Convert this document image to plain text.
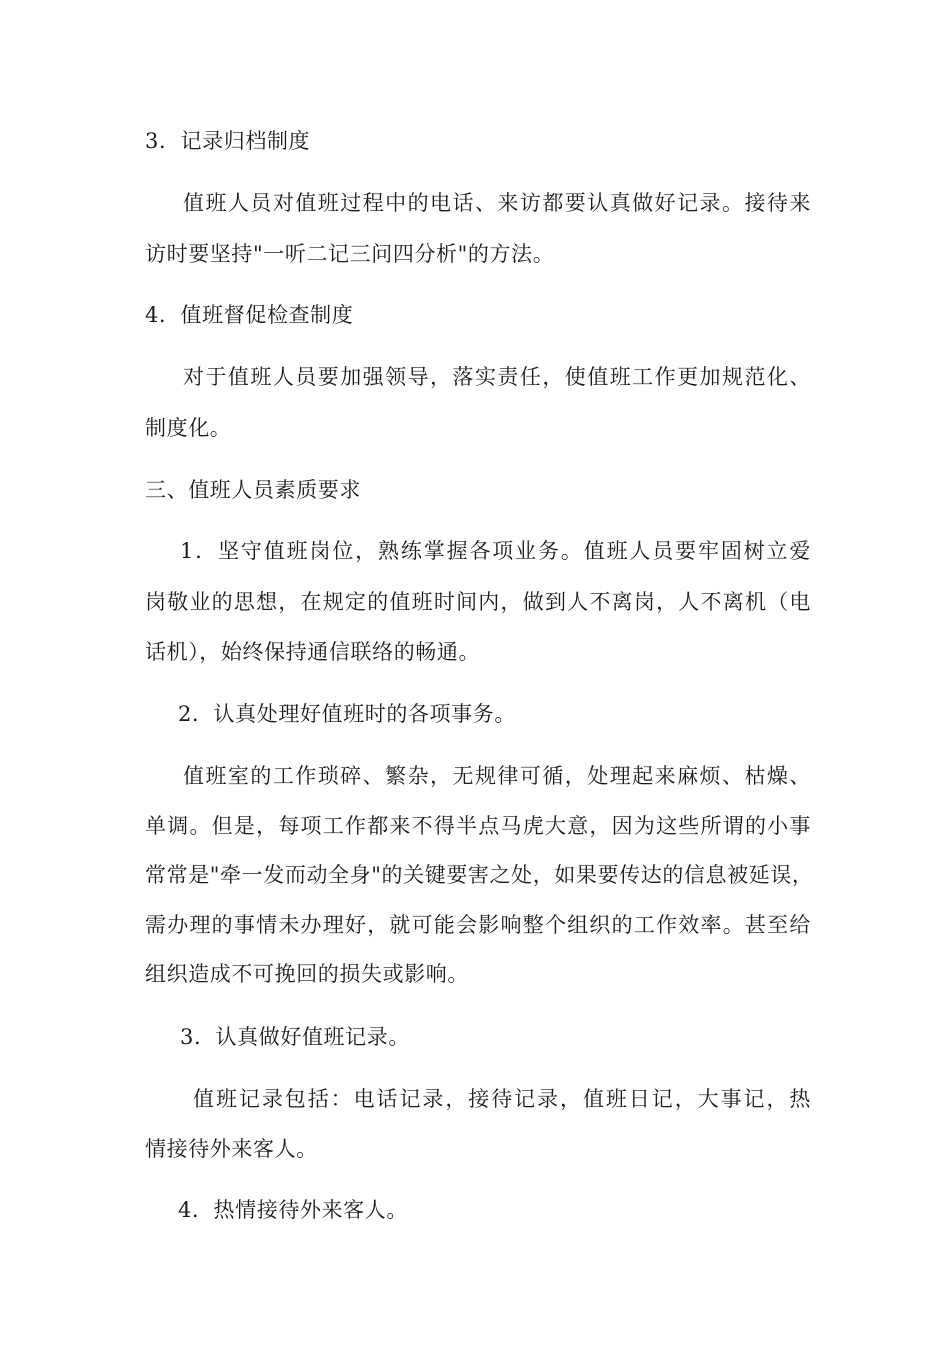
3．记录归档制度
值班人员对值班过程中的电话、来访都要认真做好记录。接待来
访时要坚持"一听二记三问四分析"的方法。
4．值班督促检查制度
对于值班人员要加强领导，落实责任，使值班工作更加规范化、
制度化。
三、值班人员素质要求
1．坚守值班岗位，熟练掌握各项业务。值班人员要牢固树立爱
岗敬业的思想，在规定的值班时间内，做到人不离岗，人不离机（电
话机），始终保持通信联络的畅通。
2．认真处理好值班时的各项事务。
值班室的工作琐碎、繁杂，无规律可循，处理起来麻烦、枯燥、
单调。但是，每项工作都来不得半点马虎大意，因为这些所谓的小事
常常是"牵一发而动全身"的关键要害之处，如果要传达的信息被延误，
需办理的事情未办理好，就可能会影响整个组织的工作效率。甚至给
组织造成不可挽回的损失或影响。
3．认真做好值班记录。
值班记录包括：电话记录，接待记录，值班日记，大事记，热
情接待外来客人。
4．热情接待外来客人。
